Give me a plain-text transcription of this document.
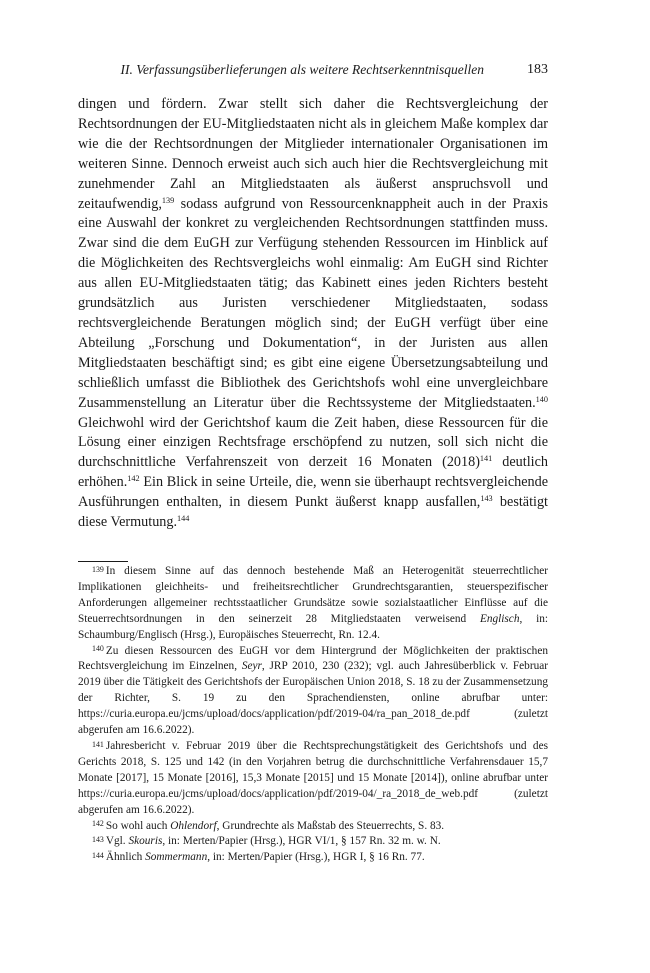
II. Verfassungsüberlieferungen als weitere Rechtserkenntnisquellen	183

dingen und fördern. Zwar stellt sich daher die Rechtsvergleichung der Rechtsordnungen der EU-Mitgliedstaaten nicht als in gleichem Maße komplex dar wie die der Rechtsordnungen der Mitglieder internationaler Organisationen im weiteren Sinne. Dennoch erweist auch sich auch hier die Rechtsvergleichung mit zunehmender Zahl an Mitgliedstaaten als äußerst anspruchsvoll und zeitaufwendig,$^{139}$ sodass aufgrund von Ressourcenknappheit auch in der Praxis eine Auswahl der konkret zu vergleichenden Rechtsordnungen stattfinden muss. Zwar sind die dem EuGH zur Verfügung stehenden Ressourcen im Hinblick auf die Möglichkeiten des Rechtsvergleichs wohl einmalig: Am EuGH sind Richter aus allen EU-Mitgliedstaaten tätig; das Kabinett eines jeden Richters besteht grundsätzlich aus Juristen verschiedener Mitgliedstaaten, sodass rechtsvergleichende Beratungen möglich sind; der EuGH verfügt über eine Abteilung „Forschung und Dokumentation“, in der Juristen aus allen Mitgliedstaaten beschäftigt sind; es gibt eine eigene Übersetzungsabteilung und schließlich umfasst die Bibliothek des Gerichtshofs wohl eine unvergleichbare Zusammenstellung an Literatur über die Rechtssysteme der Mitgliedstaaten.$^{140}$ Gleichwohl wird der Gerichtshof kaum die Zeit haben, diese Ressourcen für die Lösung einer einzigen Rechtsfrage erschöpfend zu nutzen, soll sich nicht die durchschnittliche Verfahrenszeit von derzeit 16 Monaten $(2018)^{141}$ deutlich erhöhen.$^{142}$ Ein Blick in seine Urteile, die, wenn sie überhaupt rechtsvergleichende Ausführungen enthalten, in diesem Punkt äußerst knapp ausfallen,$^{143}$ bestätigt diese Vermutung.$^{144}$

$^{139}$ In diesem Sinne auf das dennoch bestehende Maß an Heterogenität steuerrechtlicher Implikationen gleichheits- und freiheitsrechtlicher Grundrechtsgarantien, steuerspezifischer Anforderungen allgemeiner rechtsstaatlicher Grundsätze sowie sozialstaatlicher Einflüsse auf die Steuerrechtsordnungen in den seinerzeit 28 Mitgliedstaaten verweisend Englisch, in: Schaumburg/Englisch (Hrsg.), Europäisches Steuerrecht, Rn. 12.4.

$^{140}$ Zu diesen Ressourcen des EuGH vor dem Hintergrund der Möglichkeiten der praktischen Rechtsvergleichung im Einzelnen, Seyr, JRP 2010, 230 (232); vgl. auch Jahresüberblick v. Februar 2019 über die Tätigkeit des Gerichtshofs der Europäischen Union 2018, S. 18 zu der Zusammensetzung der Richter, S. 19 zu den Sprachendiensten, online abrufbar unter: https://curia.europa.eu/jcms/upload/docs/application/pdf/2019-04/ra_pan_2018_de.pdf (zuletzt abgerufen am 16.6.2022).

$^{141}$ Jahresbericht v. Februar 2019 über die Rechtsprechungstätigkeit des Gerichtshofs und des Gerichts 2018, S. 125 und 142 (in den Vorjahren betrug die durchschnittliche Verfahrensdauer 15,7 Monate [2017], 15 Monate [2016], 15,3 Monate [2015] und 15 Monate [2014]), online abrufbar unter https://curia.europa.eu/jcms/upload/docs/application/pdf/2019-04/_ra_2018_de_web.pdf (zuletzt abgerufen am 16.6.2022).

$^{142}$ So wohl auch Ohlendorf, Grundrechte als Maßstab des Steuerrechts, S. 83.

$^{143}$ Vgl. Skouris, in: Merten/Papier (Hrsg.), HGR VI/1, § 157 Rn. 32 m. w. N.

$^{144}$ Ähnlich Sommermann, in: Merten/Papier (Hrsg.), HGR I, § 16 Rn. 77.
